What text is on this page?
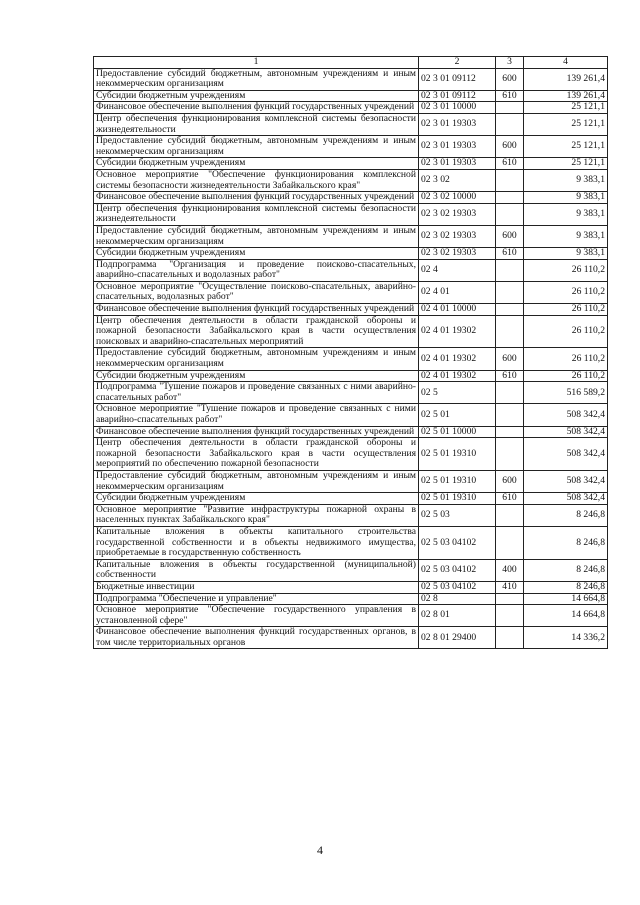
1	2	3	4
Предоставление субсидий бюджетным, автономным учреждениям и иным некоммерческим организациям	02 3 01 09112	600	139 261,4
Субсидии бюджетным учреждениям	02 3 01 09112	610	139 261,4
Финансовое обеспечение выполнения функций государственных учреждений	02 3 01 10000		25 121,1
Центр обеспечения функционирования комплексной системы безопасности жизнедеятельности	02 3 01 19303		25 121,1
Предоставление субсидий бюджетным, автономным учреждениям и иным некоммерческим организациям	02 3 01 19303	600	25 121,1
Субсидии бюджетным учреждениям	02 3 01 19303	610	25 121,1
Основное мероприятие "Обеспечение функционирования комплексной системы безопасности жизнедеятельности Забайкальского края"	02 3 02		9 383,1
Финансовое обеспечение выполнения функций государственных учреждений	02 3 02 10000		9 383,1
Центр обеспечения функционирования комплексной системы безопасности жизнедеятельности	02 3 02 19303		9 383,1
Предоставление субсидий бюджетным, автономным учреждениям и иным некоммерческим организациям	02 3 02 19303	600	9 383,1
Субсидии бюджетным учреждениям	02 3 02 19303	610	9 383,1
Подпрограмма "Организация и проведение поисково-спасательных, аварийно-спасательных и водолазных работ"	02 4		26 110,2
Основное мероприятие "Осуществление поисково-спасательных, аварийно-спасательных, водолазных работ"	02 4 01		26 110,2
Финансовое обеспечение выполнения функций государственных учреждений	02 4 01 10000		26 110,2
Центр обеспечения деятельности в области гражданской обороны и пожарной безопасности Забайкальского края в части осуществления поисковых и аварийно-спасательных мероприятий	02 4 01 19302		26 110,2
Предоставление субсидий бюджетным, автономным учреждениям и иным некоммерческим организациям	02 4 01 19302	600	26 110,2
Субсидии бюджетным учреждениям	02 4 01 19302	610	26 110,2
Подпрограмма "Тушение пожаров и проведение связанных с ними аварийно-спасательных работ"	02 5		516 589,2
Основное мероприятие "Тушение пожаров и проведение связанных с ними аварийно-спасательных работ"	02 5 01		508 342,4
Финансовое обеспечение выполнения функций государственных учреждений	02 5 01 10000		508 342,4
Центр обеспечения деятельности в области гражданской обороны и пожарной безопасности Забайкальского края в части осуществления мероприятий по обеспечению пожарной безопасности	02 5 01 19310		508 342,4
Предоставление субсидий бюджетным, автономным учреждениям и иным некоммерческим организациям	02 5 01 19310	600	508 342,4
Субсидии бюджетным учреждениям	02 5 01 19310	610	508 342,4
Основное мероприятие "Развитие инфраструктуры пожарной охраны в населенных пунктах Забайкальского края"	02 5 03		8 246,8
Капитальные вложения в объекты капитального строительства государственной собственности и в объекты недвижимого имущества, приобретаемые в государственную собственность	02 5 03 04102		8 246,8
Капитальные вложения в объекты государственной (муниципальной) собственности	02 5 03 04102	400	8 246,8
Бюджетные инвестиции	02 5 03 04102	410	8 246,8
Подпрограмма "Обеспечение и управление"	02 8		14 664,8
Основное мероприятие "Обеспечение государственного управления в установленной сфере"	02 8 01		14 664,8
Финансовое обеспечение выполнения функций государственных органов, в том числе территориальных органов	02 8 01 29400		14 336,2
4
